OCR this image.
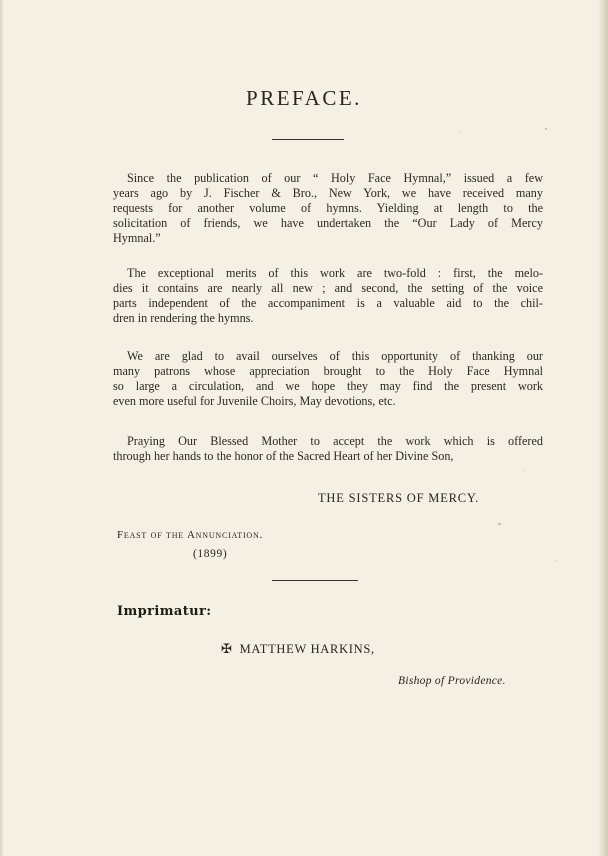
PREFACE.
Since the publication of our “ Holy Face Hymnal,” issued a few
years ago by J. Fischer & Bro., New York, we have received many
requests for another volume of hymns. Yielding at length to the
solicitation of friends, we have undertaken the “Our Lady of Mercy
Hymnal.”
The exceptional merits of this work are two-fold : first, the melo-
dies it contains are nearly all new ; and second, the setting of the voice
parts independent of the accompaniment is a valuable aid to the chil-
dren in rendering the hymns.
We are glad to avail ourselves of this opportunity of thanking our
many patrons whose appreciation brought to the Holy Face Hymnal
so large a circulation, and we hope they may find the present work
even more useful for Juvenile Choirs, May devotions, etc.
Praying Our Blessed Mother to accept the work which is offered
through her hands to the honor of the Sacred Heart of her Divine Son,
THE SISTERS OF MERCY.
Feast of the Annunciation.
(1899)
Imprimatur:
✠ MATTHEW HARKINS,
Bishop of Providence.
